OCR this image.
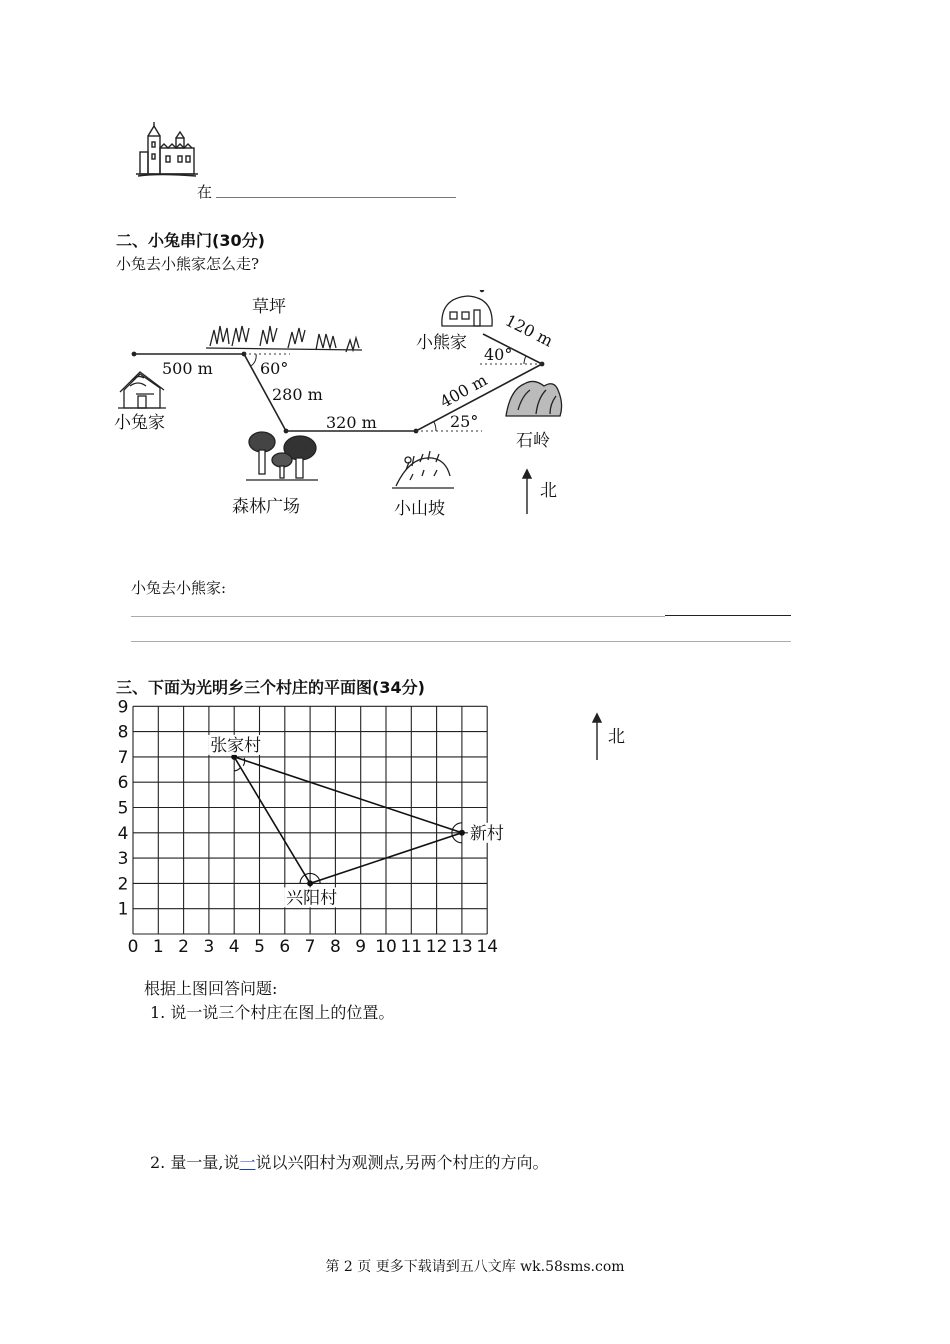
在
二、小兔串门(30分)
小兔去小熊家怎么走?
草坪
小兔家
森林广场	小山坡
小熊家
石岭
北
500 m
280 m
320 m
400 m
120 m
60°
25°
40°
小兔去小熊家:
三、下面为光明乡三个村庄的平面图(34分)
0 1 2 3 4 5 6 7 8 9 10 11 12 13 14
1
2
3
4
5
6
7
8
9
张家村
新村
兴阳村
北
根据上图回答问题:
1. 说一说三个村庄在图上的位置。
2. 量一量,说一说以兴阳村为观测点,另两个村庄的方向。
第 2 页 更多下载请到五八文库 wk.58sms.com
